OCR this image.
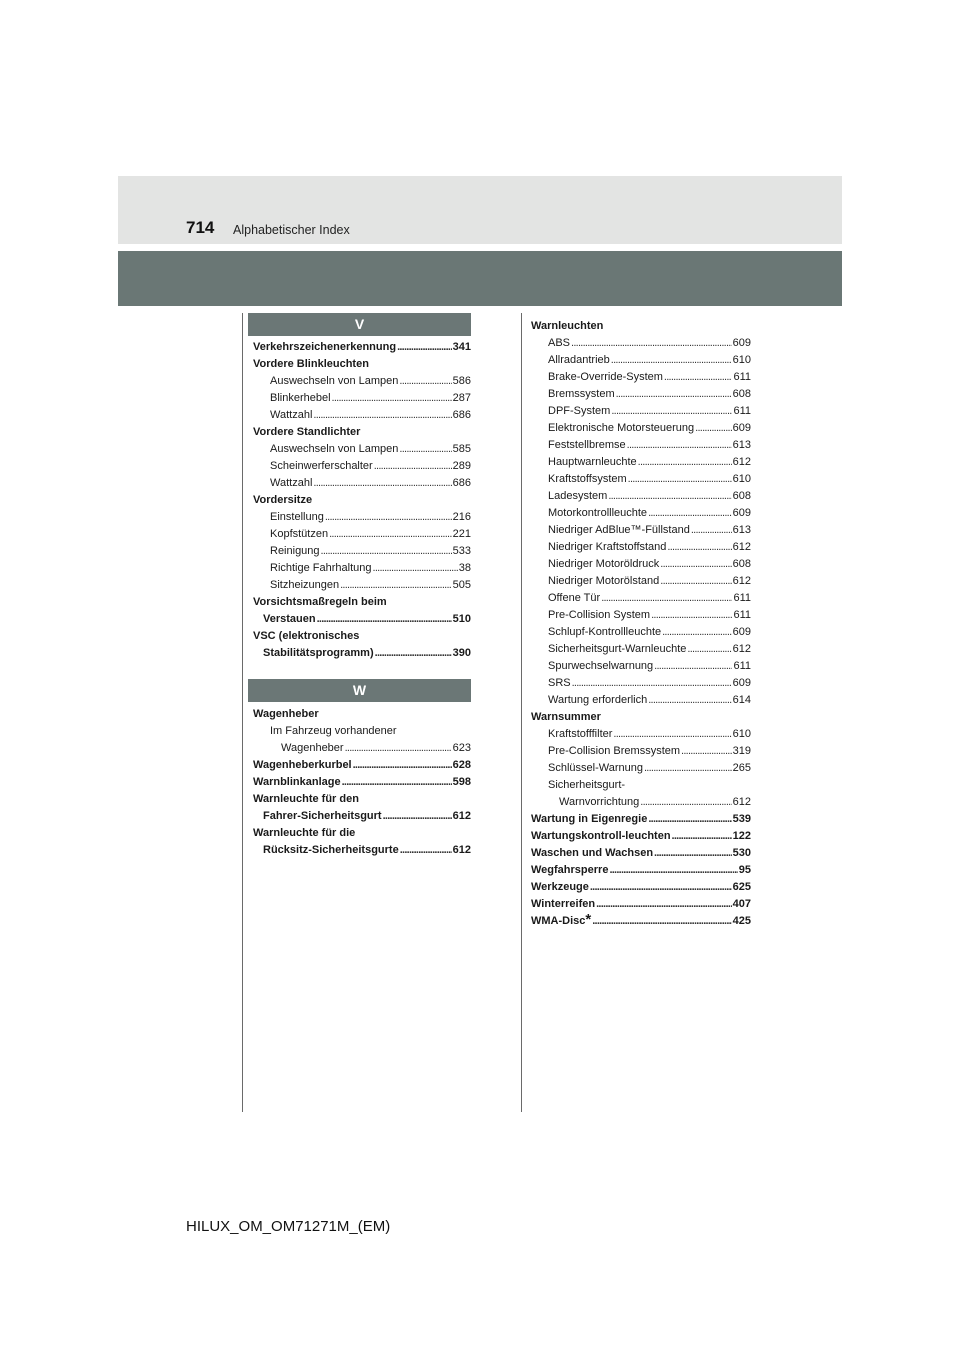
714 Alphabetischer Index
V
Verkehrszeichenerkennung . . .	341
Vordere Blinkleuchten
Auswechseln von Lampen . . .	586
Blinkerhebel . . .	287
Wattzahl . . .	686
Vordere Standlichter
Auswechseln von Lampen . . .	585
Scheinwerferschalter . . .	289
Wattzahl . . .	686
Vordersitze
Einstellung . . .	216
Kopfstützen . . .	221
Reinigung . . .	533
Richtige Fahrhaltung . . .	38
Sitzheizungen . . .	505
Vorsichtsmaßregeln beim
Verstauen . . .	510
VSC (elektronisches
Stabilitätsprogramm) . . .	390
W
Wagenheber
Im Fahrzeug vorhandener
Wagenheber . . .	623
Wagenheberkurbel . . .	628
Warnblinkanlage . . .	598
Warnleuchte für den
Fahrer-Sicherheitsgurt . . .	612
Warnleuchte für die
Rücksitz-Sicherheitsgurte . . .	612
Warnleuchten
ABS . . .	609
Allradantrieb . . .	610
Brake-Override-System . . .	611
Bremssystem . . .	608
DPF-System . . .	611
Elektronische Motorsteuerung . . .	609
Feststellbremse . . .	613
Hauptwarnleuchte . . .	612
Kraftstoffsystem . . .	610
Ladesystem . . .	608
Motorkontrollleuchte . . .	609
Niedriger AdBlue™-Füllstand . . .	613
Niedriger Kraftstoffstand . . .	612
Niedriger Motoröldruck . . .	608
Niedriger Motorölstand . . .	612
Offene Tür . . .	611
Pre-Collision System . . .	611
Schlupf-Kontrollleuchte . . .	609
Sicherheitsgurt-Warnleuchte . . .	612
Spurwechselwarnung . . .	611
SRS . . .	609
Wartung erforderlich . . .	614
Warnsummer
Kraftstofffilter . . .	610
Pre-Collision Bremssystem . . .	319
Schlüssel-Warnung . . .	265
Sicherheitsgurt-
Warnvorrichtung . . .	612
Wartung in Eigenregie . . .	539
Wartungskontroll-leuchten . . .	122
Waschen und Wachsen . . .	530
Wegfahrsperre . . .	95
Werkzeuge . . .	625
Winterreifen . . .	407
WMA-Disc * . . .	425
HILUX_OM_OM71271M_(EM)
